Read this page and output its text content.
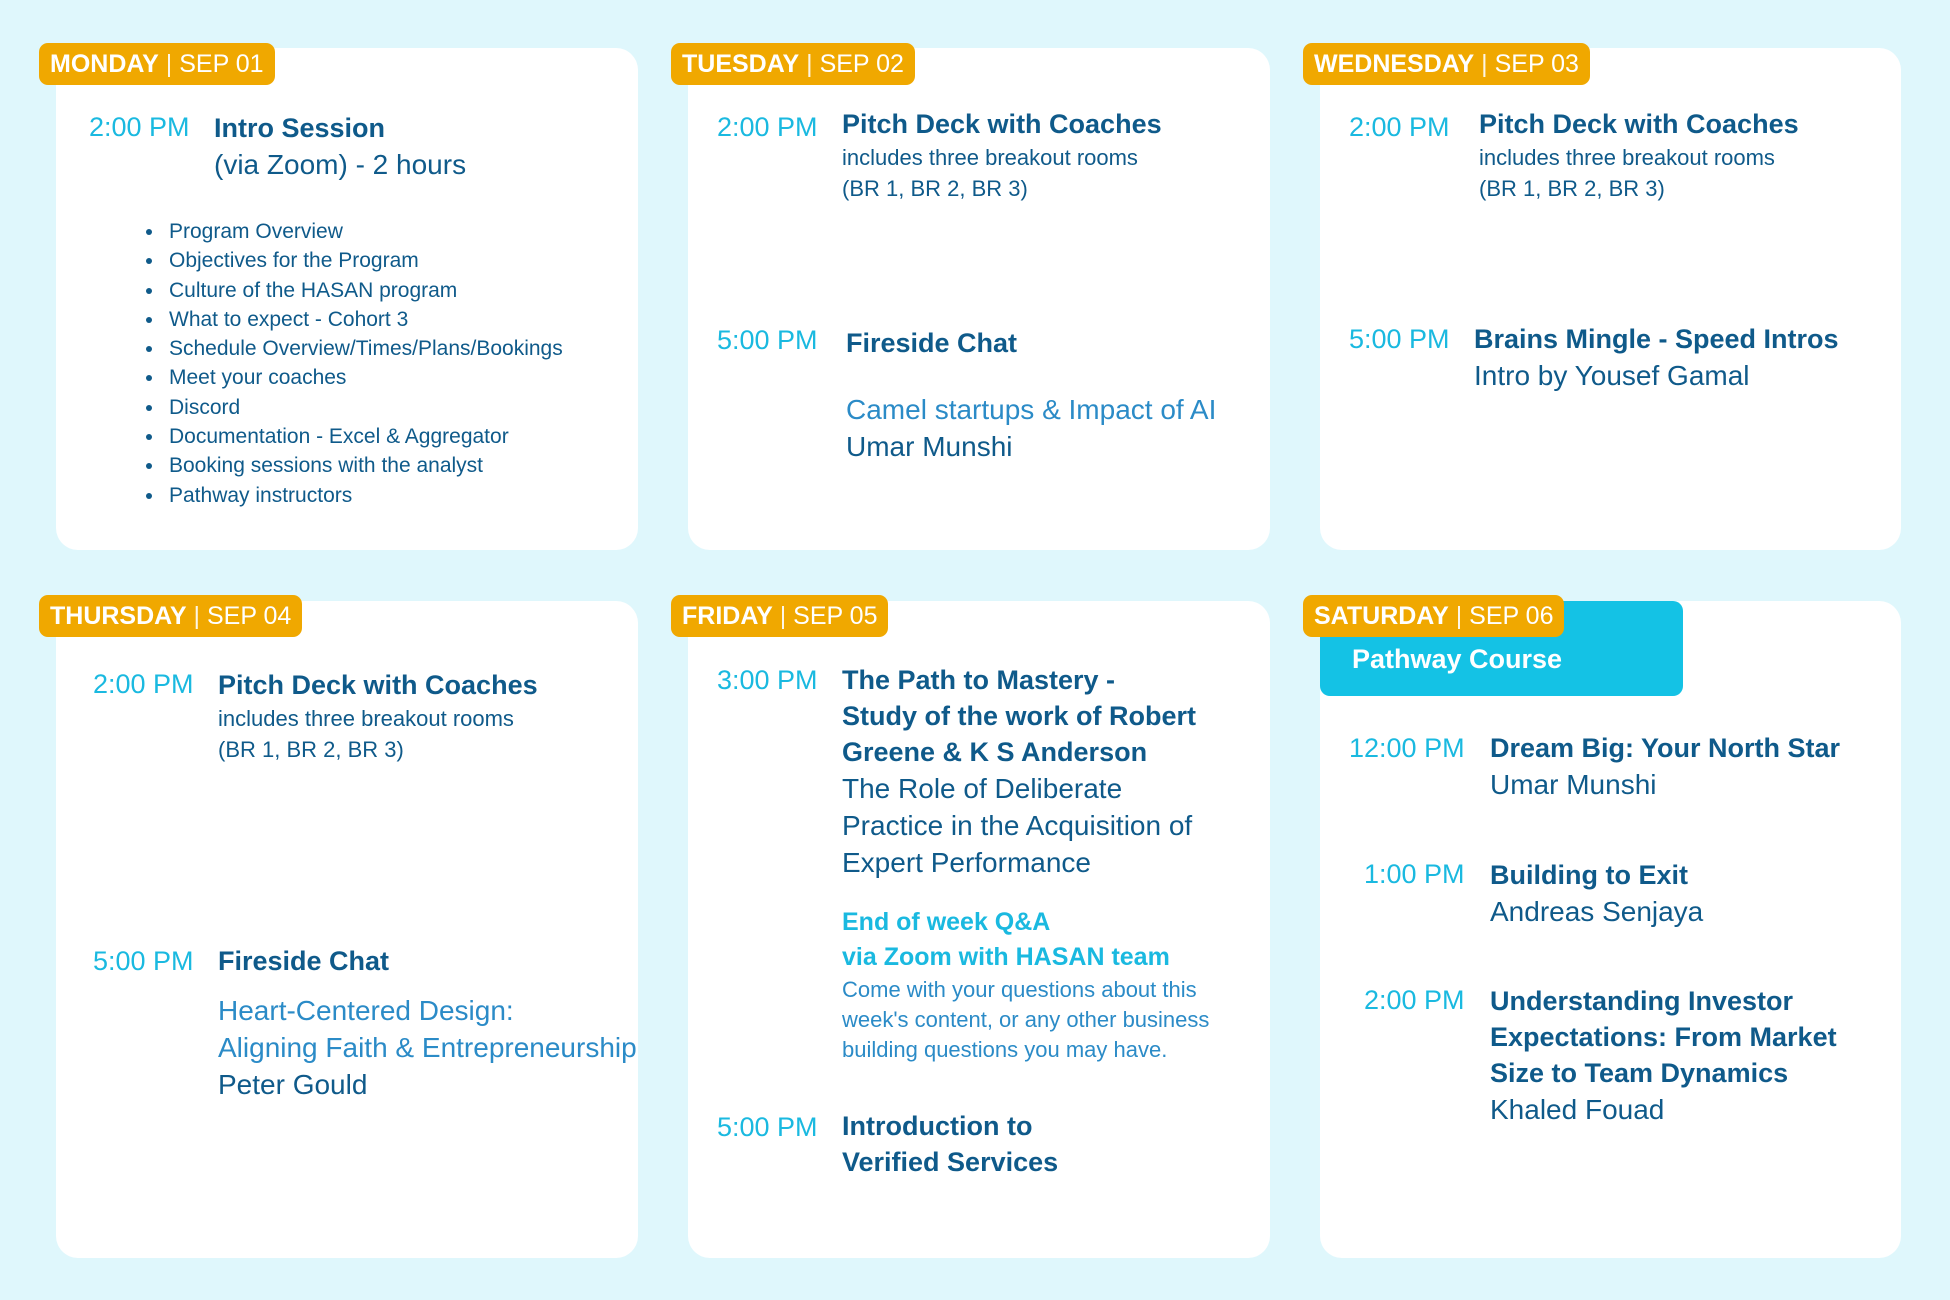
MONDAY | SEP 01
2:00 PM Intro Session
(via Zoom) - 2 hours
Program Overview
Objectives for the Program
Culture of the HASAN program
What to expect - Cohort 3
Schedule Overview/Times/Plans/Bookings
Meet your coaches
Discord
Documentation - Excel & Aggregator
Booking sessions with the analyst
Pathway instructors
TUESDAY | SEP 02
2:00 PM Pitch Deck with Coaches
includes three breakout rooms
(BR 1, BR 2, BR 3)
5:00 PM Fireside Chat
Camel startups & Impact of AI
Umar Munshi
WEDNESDAY | SEP 03
2:00 PM Pitch Deck with Coaches
includes three breakout rooms
(BR 1, BR 2, BR 3)
5:00 PM Brains Mingle - Speed Intros
Intro by Yousef Gamal
THURSDAY | SEP 04
2:00 PM Pitch Deck with Coaches
includes three breakout rooms
(BR 1, BR 2, BR 3)
5:00 PM Fireside Chat
Heart-Centered Design:
Aligning Faith & Entrepreneurship
Peter Gould
FRIDAY | SEP 05
3:00 PM The Path to Mastery -
Study of the work of Robert
Greene & K S Anderson
The Role of Deliberate
Practice in the Acquisition of
Expert Performance
End of week Q&A
via Zoom with HASAN team
Come with your questions about this
week's content, or any other business
building questions you may have.
5:00 PM Introduction to
Verified Services
Pathway Course
SATURDAY | SEP 06
12:00 PM Dream Big: Your North Star
Umar Munshi
1:00 PM Building to Exit
Andreas Senjaya
2:00 PM Understanding Investor
Expectations: From Market
Size to Team Dynamics
Khaled Fouad
